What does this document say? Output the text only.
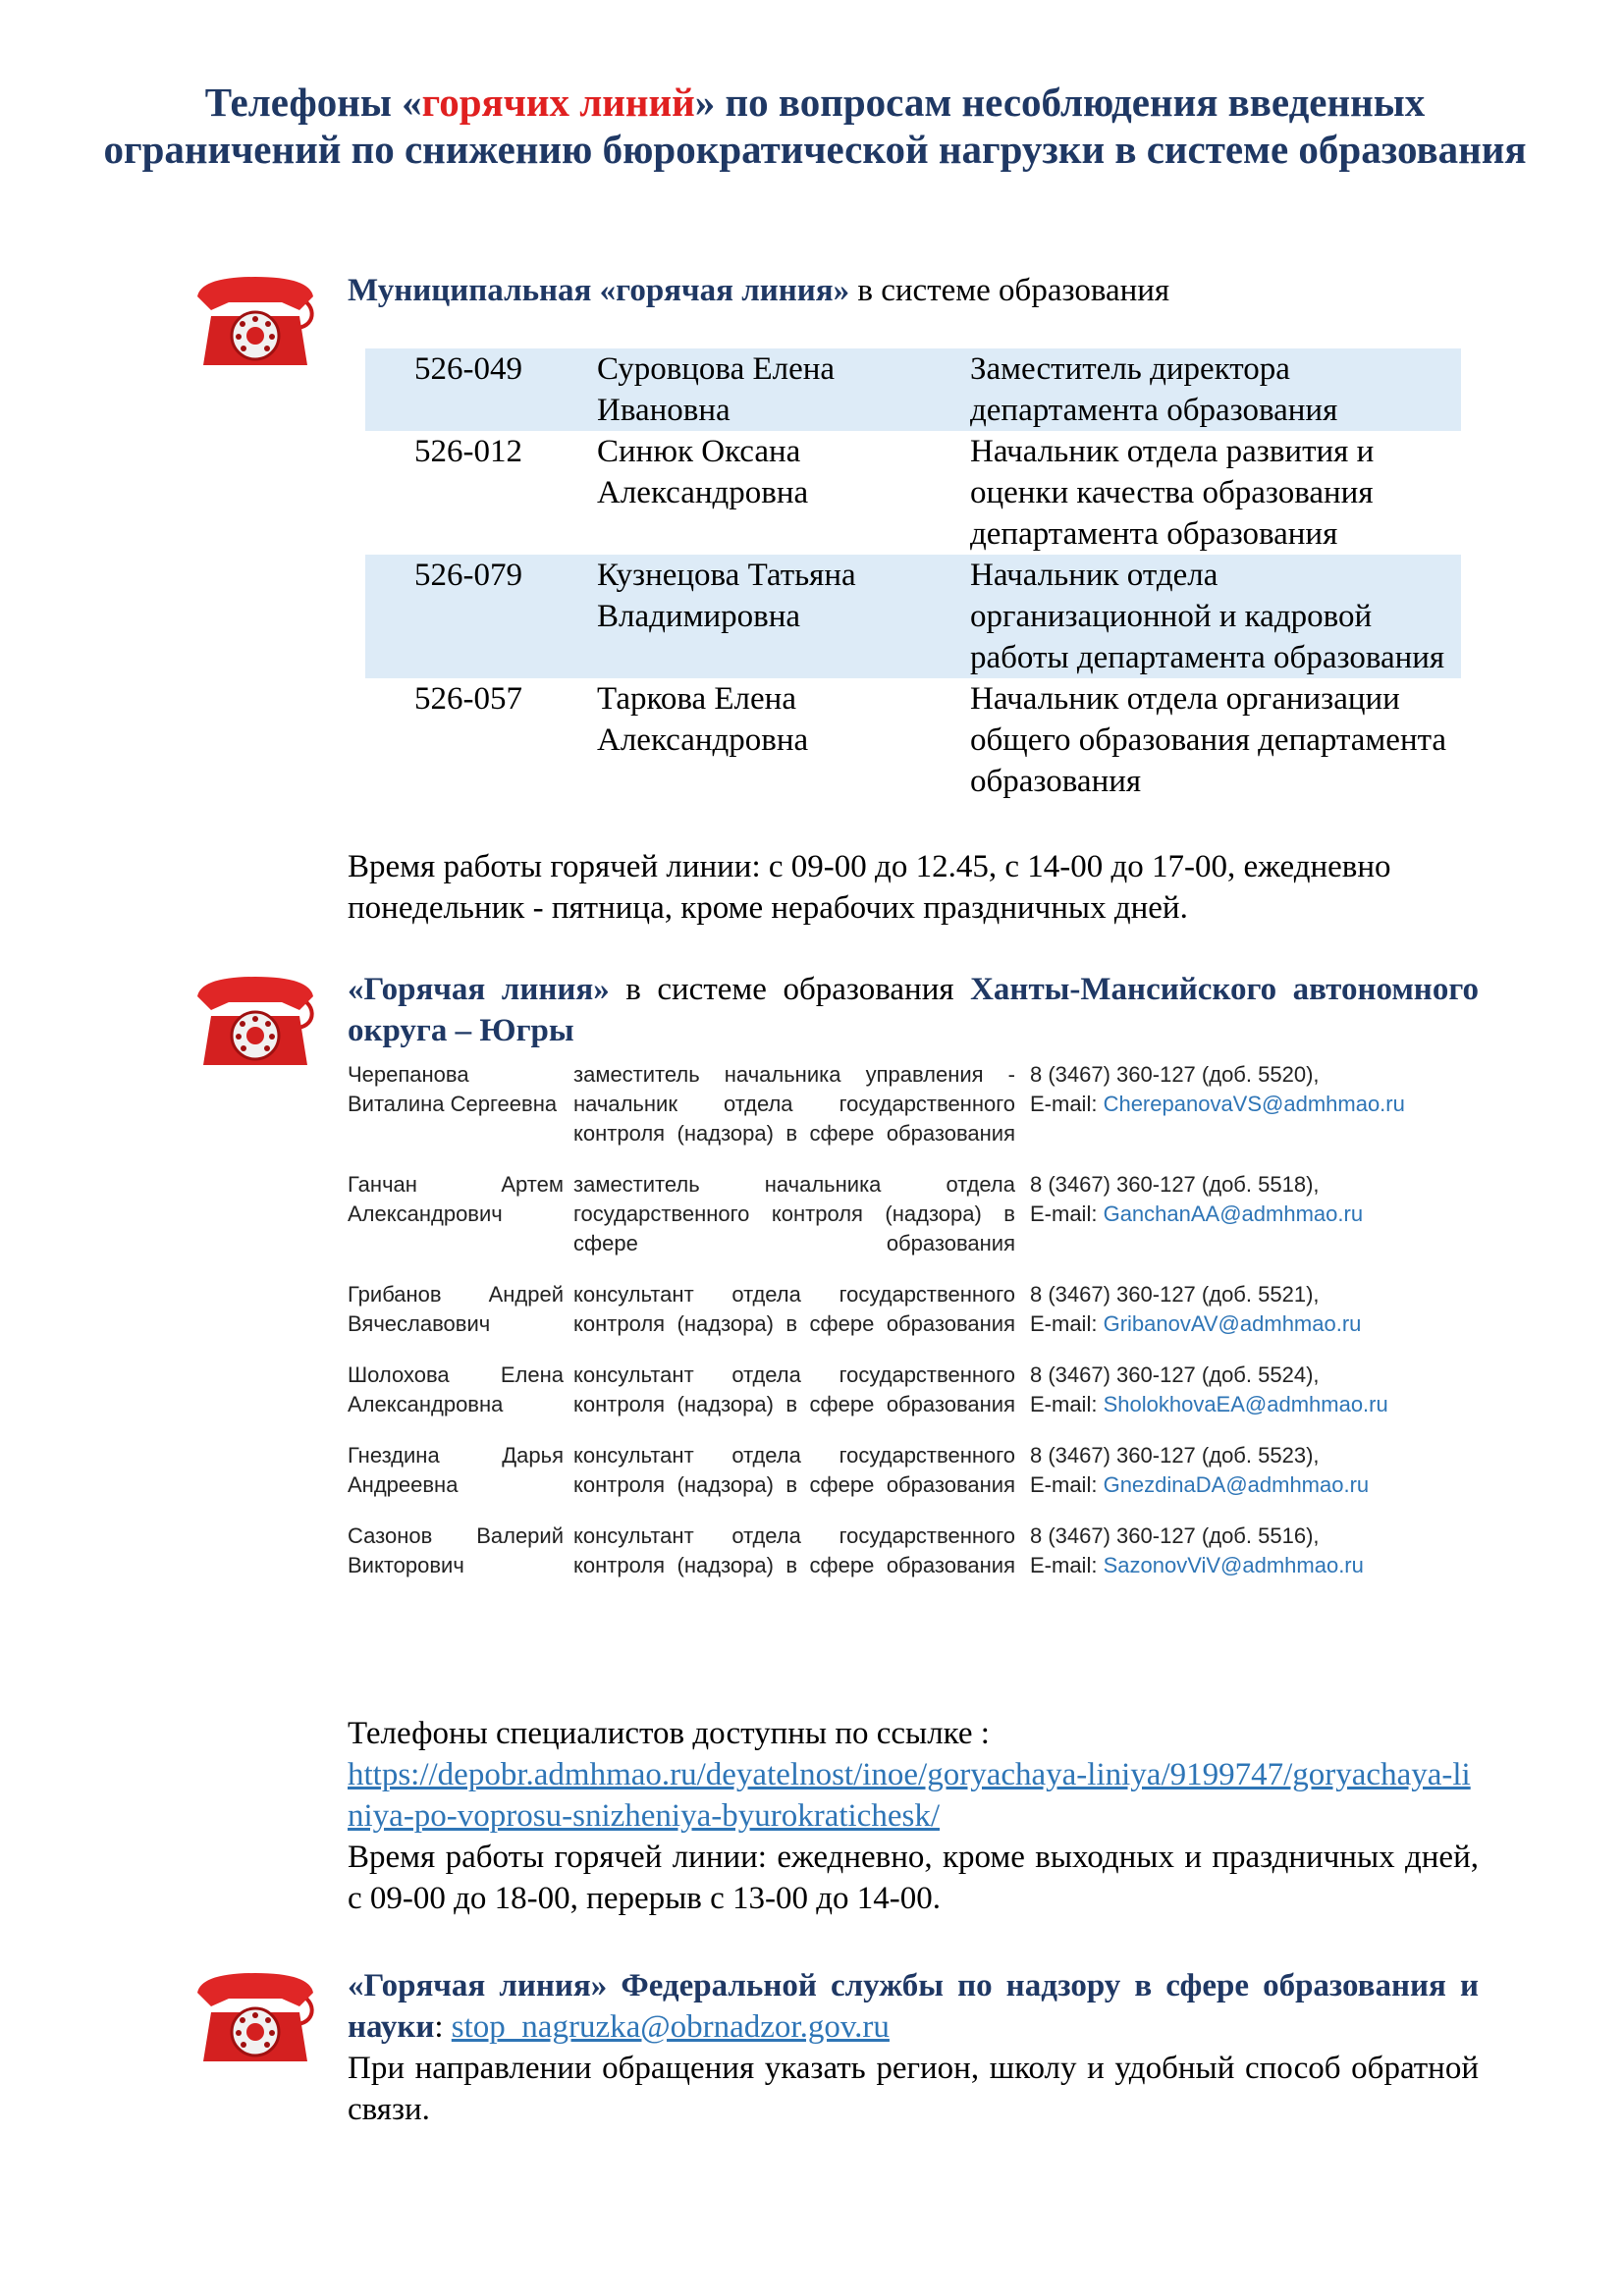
Телефоны «горячих линий» по вопросам несоблюдения введенных ограничений по снижению бюрократической нагрузки в системе образования
Муниципальная «горячая линия» в системе образования
526-049	Суровцова Елена Ивановна	Заместитель директора департамента образования
526-012	Синюк Оксана Александровна	Начальник отдела развития и оценки качества образования департамента образования
526-079	Кузнецова Татьяна Владимировна	Начальник отдела организационной и кадровой работы департамента образования
526-057	Таркова Елена Александровна	Начальник отдела организации общего образования департамента образования
Время работы горячей линии: с 09-00 до 12.45, с 14-00 до 17-00, ежедневно понедельник - пятница, кроме нерабочих праздничных дней.
«Горячая линия» в системе образования Ханты-Мансийского автономного округа – Югры
Черепанова Виталина Сергеевна	заместитель начальника управления - начальник отдела государственного контроля (надзора) в сфере образования	8 (3467) 360-127 (доб. 5520),
E-mail: CherepanovaVS@admhmao.ru

Ганчан Артем Александрович	заместитель начальника отдела государственного контроля (надзора) в сфере образования	8 (3467) 360-127 (доб. 5518),
E-mail: GanchanAA@admhmao.ru

Грибанов Андрей Вячеславович	консультант отдела государственного контроля (надзора) в сфере образования	8 (3467) 360-127 (доб. 5521),
E-mail: GribanovAV@admhmao.ru

Шолохова Елена Александровна	консультант отдела государственного контроля (надзора) в сфере образования	8 (3467) 360-127 (доб. 5524),
E-mail: SholokhovaEA@admhmao.ru

Гнездина Дарья Андреевна	консультант отдела государственного контроля (надзора) в сфере образования	8 (3467) 360-127 (доб. 5523),
E-mail: GnezdinaDA@admhmao.ru

Сазонов Валерий Викторович	консультант отдела государственного контроля (надзора) в сфере образования	8 (3467) 360-127 (доб. 5516),
E-mail: SazonovViV@admhmao.ru
Телефоны специалистов доступны по ссылке :
https://depobr.admhmao.ru/deyatelnost/inoe/goryachaya-liniya/9199747/goryachaya-liniya-po-voprosu-snizheniya-byurokratichesk/
Время работы горячей линии: ежедневно, кроме выходных и праздничных дней, с 09-00 до 18-00, перерыв с 13-00 до 14-00.
«Горячая линия» Федеральной службы по надзору в сфере образования и науки: stop_nagruzka@obrnadzor.gov.ru
При направлении обращения указать регион, школу и удобный способ обратной связи.
